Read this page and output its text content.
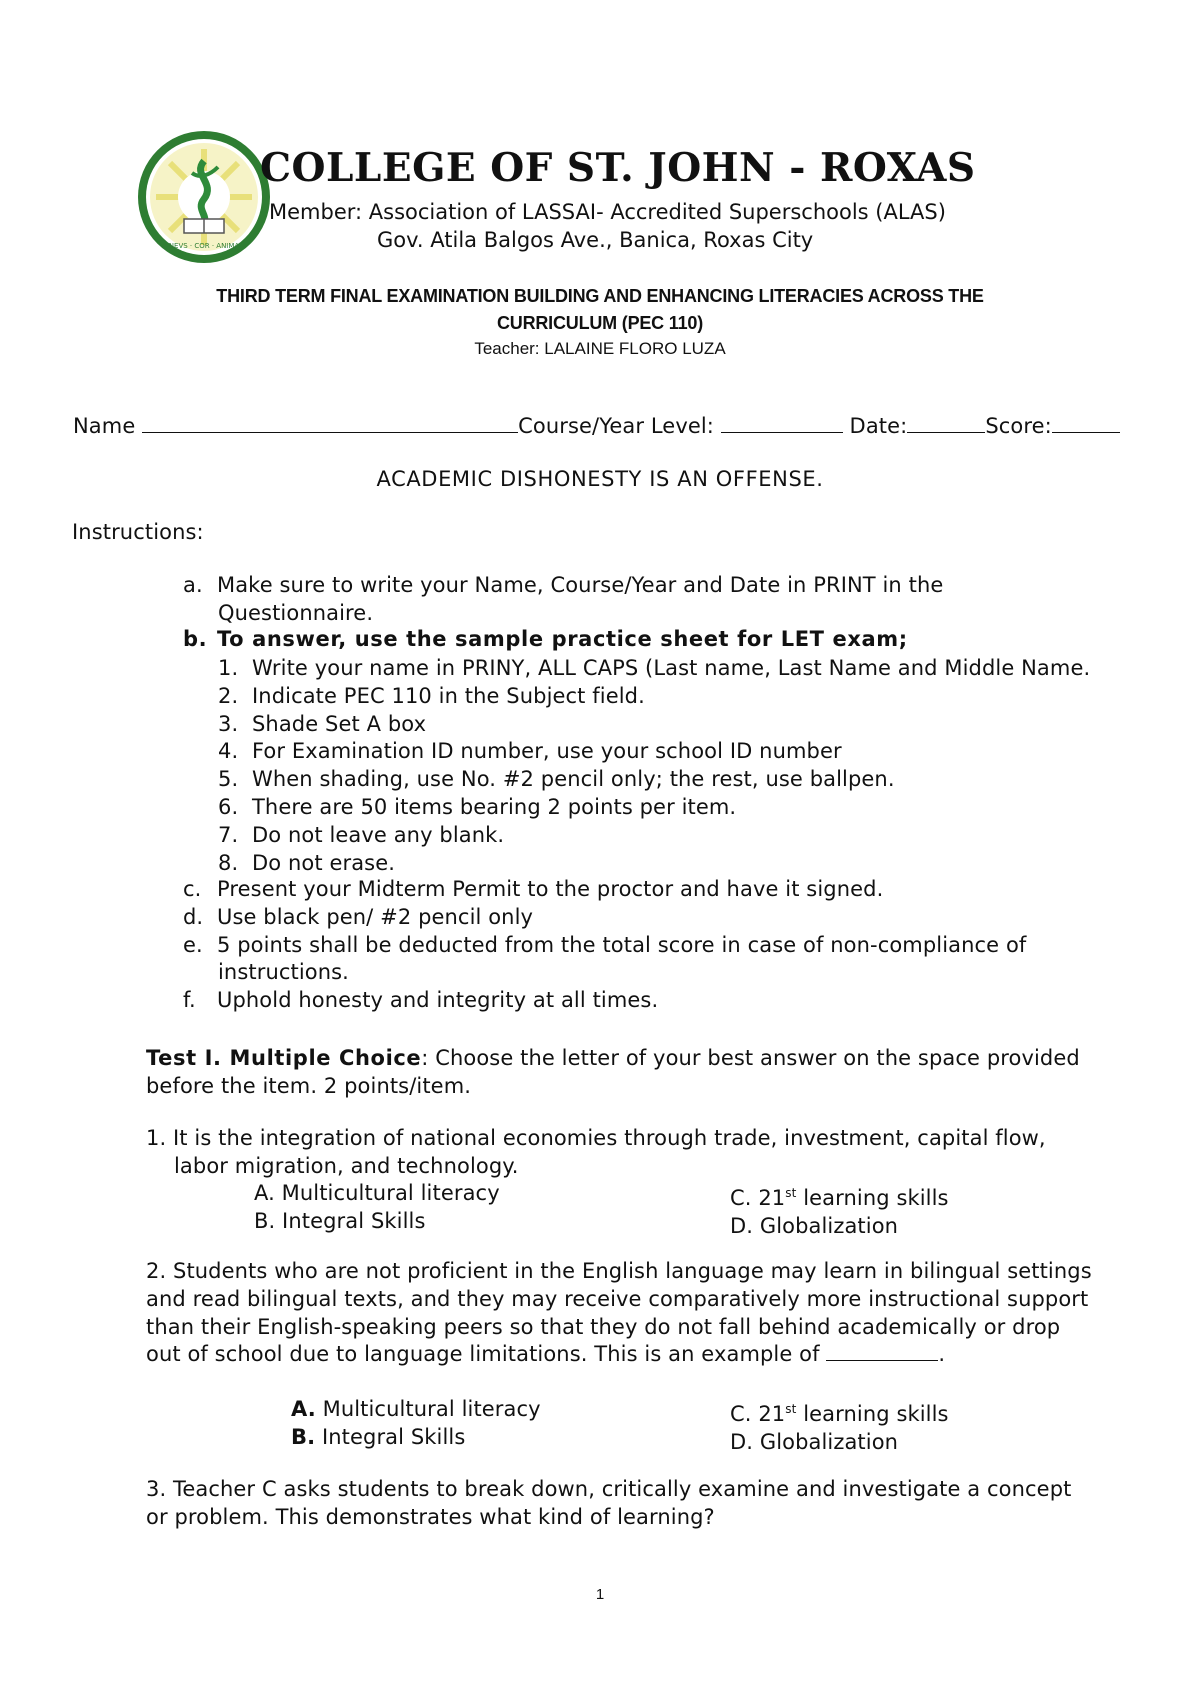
NEVS · COR · ANIMA
COLLEGE OF ST. JOHN - ROXAS
Member: Association of LASSAI- Accredited Superschools (ALAS)
Gov. Atila Balgos Ave., Banica, Roxas City
THIRD TERM FINAL EXAMINATION BUILDING AND ENHANCING LITERACIES ACROSS THE
CURRICULUM (PEC 110)
Teacher: LALAINE FLORO LUZA
Name	Course/Year Level:	Date:	Score:
ACADEMIC DISHONESTY IS AN OFFENSE.
Instructions:
a. Make sure to write your Name, Course/Year and Date in PRINT in the
Questionnaire.
b. To answer, use the sample practice sheet for LET exam;
1. Write your name in PRINY, ALL CAPS (Last name, Last Name and Middle Name.
2. Indicate PEC 110 in the Subject field.
3. Shade Set A box
4. For Examination ID number, use your school ID number
5. When shading, use No. #2 pencil only; the rest, use ballpen.
6. There are 50 items bearing 2 points per item.
7. Do not leave any blank.
8. Do not erase.
c. Present your Midterm Permit to the proctor and have it signed.
d. Use black pen/ #2 pencil only
e. 5 points shall be deducted from the total score in case of non-compliance of
instructions.
f. Uphold honesty and integrity at all times.
Test I. Multiple Choice: Choose the letter of your best answer on the space provided
before the item. 2 points/item.
1. It is the integration of national economies through trade, investment, capital flow,
labor migration, and technology.
A. Multicultural literacy
B. Integral Skills
C. 21st learning skills
D. Globalization
2. Students who are not proficient in the English language may learn in bilingual settings
and read bilingual texts, and they may receive comparatively more instructional support
than their English-speaking peers so that they do not fall behind academically or drop
out of school due to language limitations. This is an example of	.
A. Multicultural literacy
B. Integral Skills
C. 21st learning skills
D. Globalization
3. Teacher C asks students to break down, critically examine and investigate a concept
or problem. This demonstrates what kind of learning?
1
